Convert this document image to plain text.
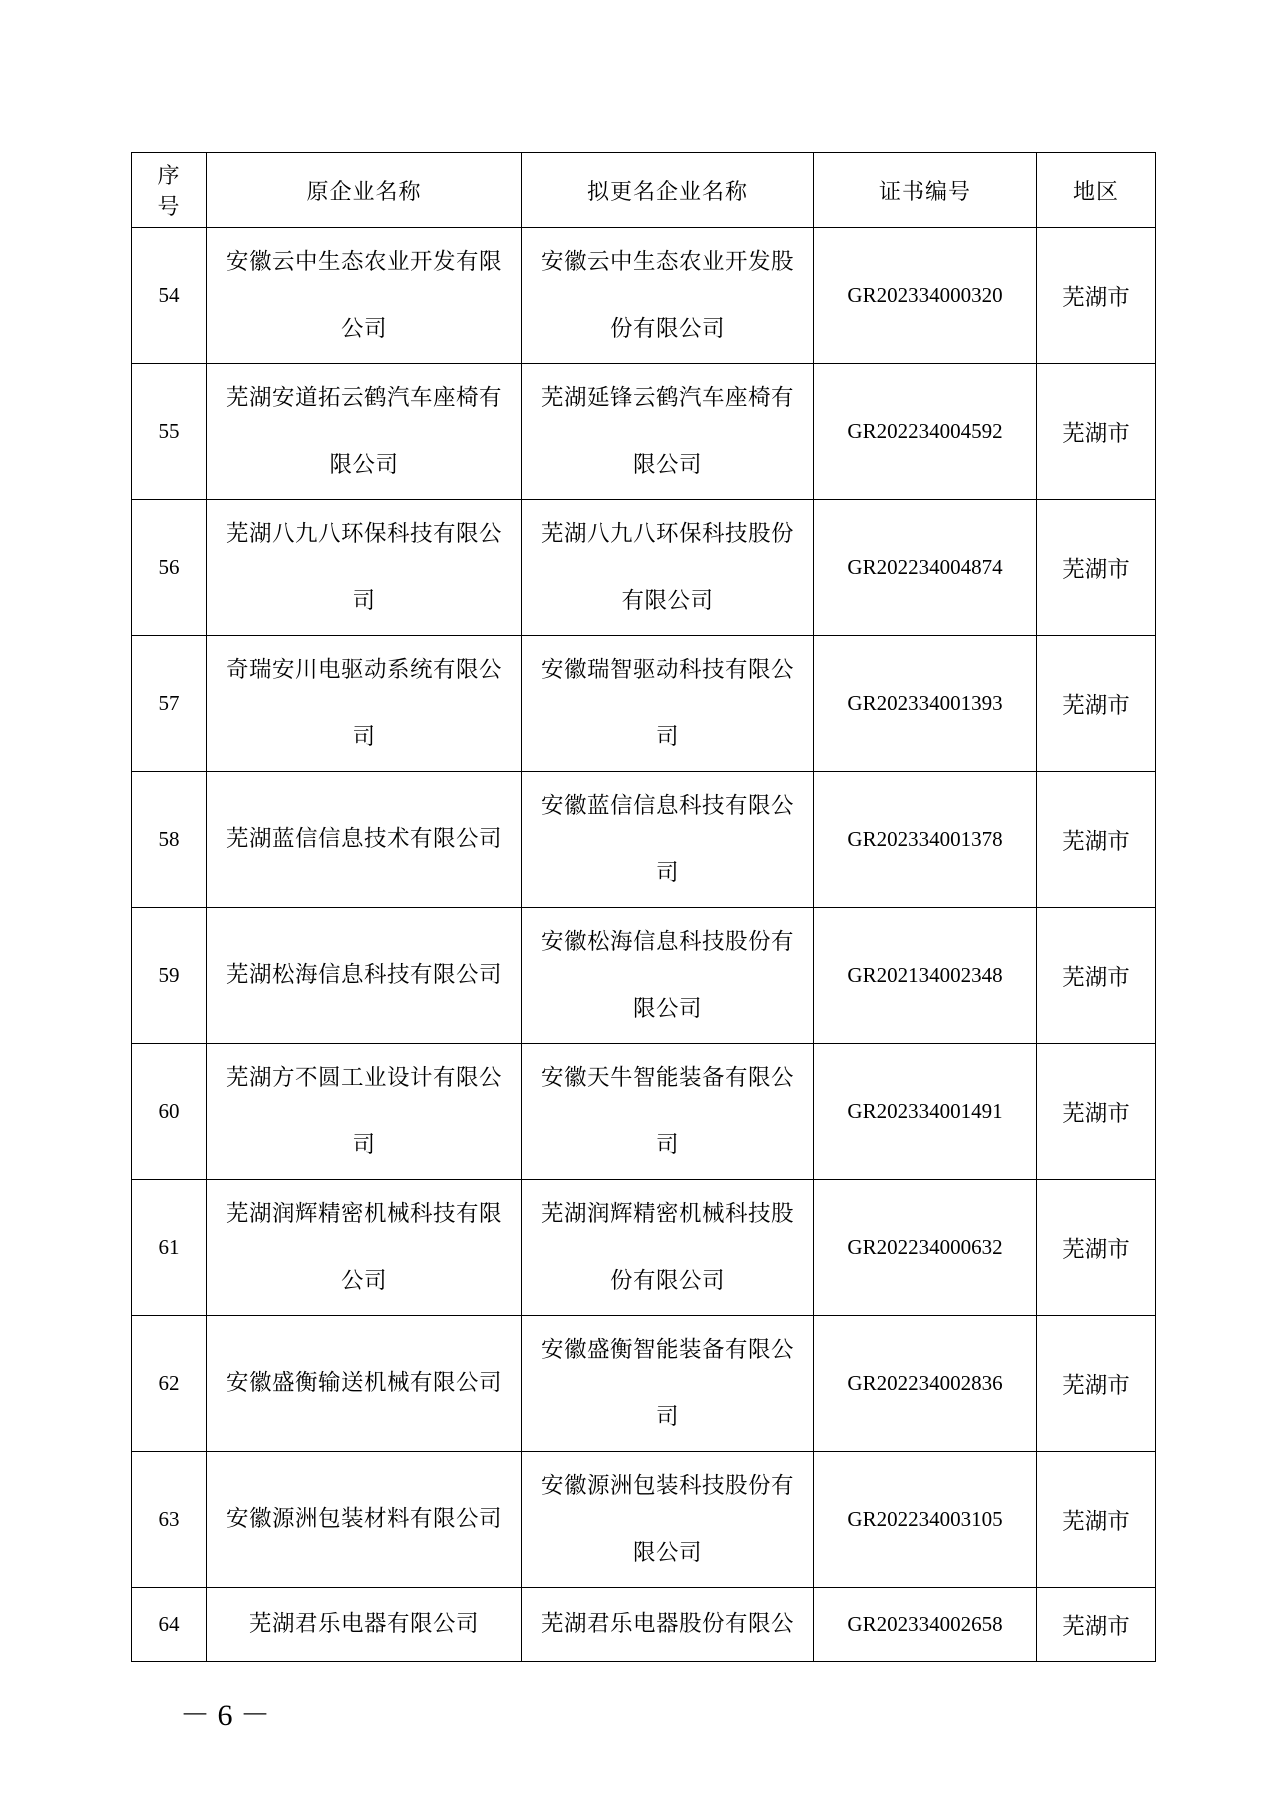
序号	原企业名称	拟更名企业名称	证书编号	地区
54	安徽云中生态农业开发有限公司	安徽云中生态农业开发股份有限公司	GR202334000320	芜湖市
55	芜湖安道拓云鹤汽车座椅有限公司	芜湖延锋云鹤汽车座椅有限公司	GR202234004592	芜湖市
56	芜湖八九八环保科技有限公司	芜湖八九八环保科技股份有限公司	GR202234004874	芜湖市
57	奇瑞安川电驱动系统有限公司	安徽瑞智驱动科技有限公司	GR202334001393	芜湖市
58	芜湖蓝信信息技术有限公司	安徽蓝信信息科技有限公司	GR202334001378	芜湖市
59	芜湖松海信息科技有限公司	安徽松海信息科技股份有限公司	GR202134002348	芜湖市
60	芜湖方不圆工业设计有限公司	安徽天牛智能装备有限公司	GR202334001491	芜湖市
61	芜湖润辉精密机械科技有限公司	芜湖润辉精密机械科技股份有限公司	GR202234000632	芜湖市
62	安徽盛衡输送机械有限公司	安徽盛衡智能装备有限公司	GR202234002836	芜湖市
63	安徽源洲包装材料有限公司	安徽源洲包装科技股份有限公司	GR202234003105	芜湖市
64	芜湖君乐电器有限公司	芜湖君乐电器股份有限公	GR202334002658	芜湖市
－ 6 －
